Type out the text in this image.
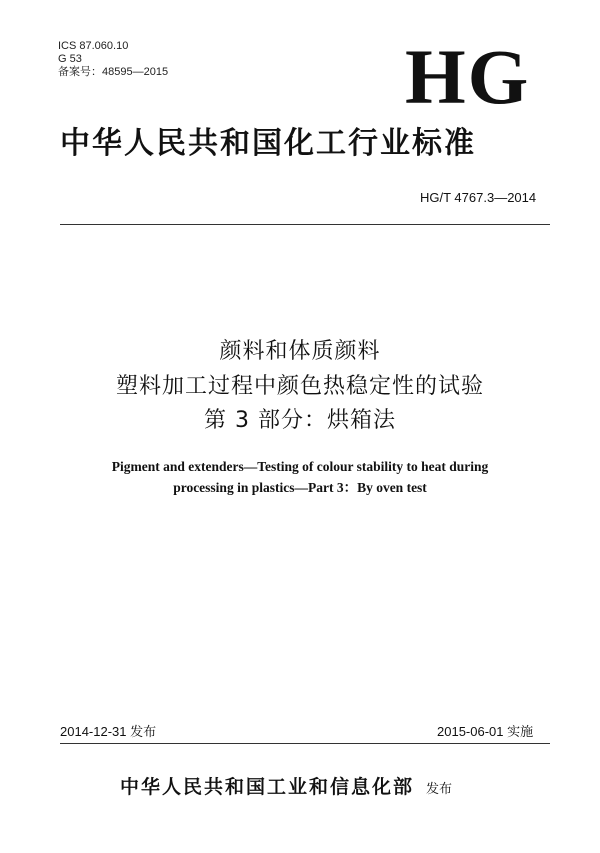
ICS 87.060.10
G 53
备案号：48595—2015	HG
中华人民共和国化工行业标准
HG/T 4767.3—2014
颜料和体质颜料
塑料加工过程中颜色热稳定性的试验
第 3 部分：烘箱法
Pigment and extenders—Testing of colour stability to heat during
processing in plastics—Part 3：By oven test
2014-12-31 发布	2015-06-01 实施
中华人民共和国工业和信息化部 发布
